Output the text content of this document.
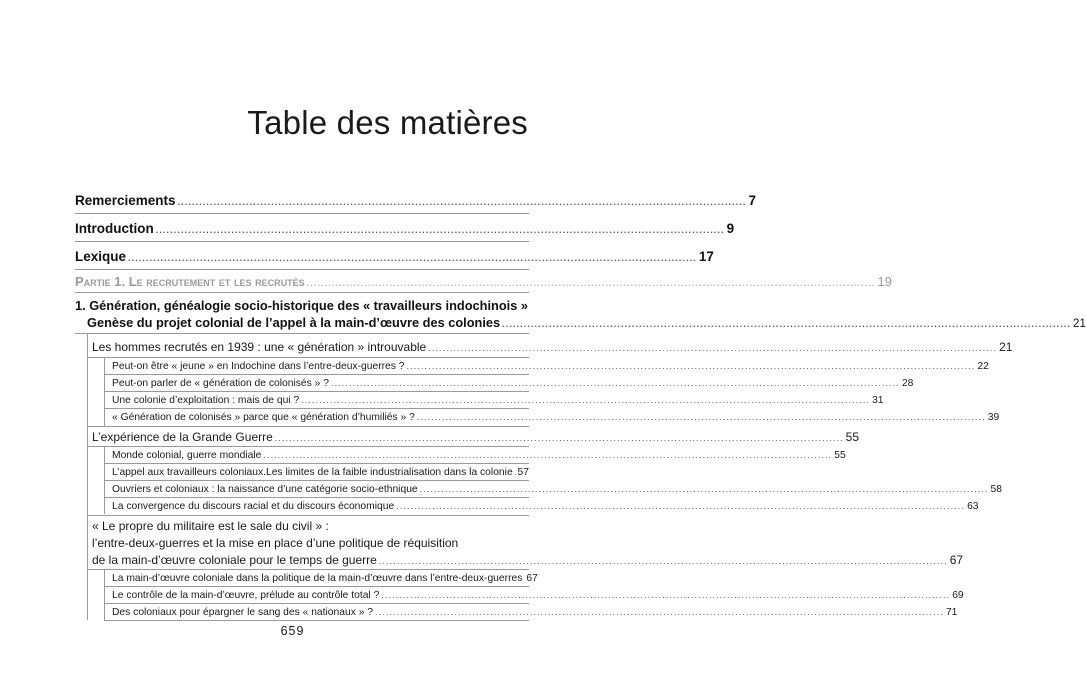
Table des matières
Remerciements .............................................................................................................................................................. 7
Introduction .............................................................................................................................................................. 9
Lexique .............................................................................................................................................................. 17
Partie 1. Le recrutement et les recrutés .............................................................................................................................................................. 19
1. Génération, généalogie socio-historique des « travailleurs indochinois »
Genèse du projet colonial de l’appel à la main-d’œuvre des colonies .............................................................................................................................................................. 21
Les hommes recrutés en 1939 : une « génération » introuvable .............................................................................................................................................................. 21
Peut-on être « jeune » en Indochine dans l’entre-deux-guerres ? .............................................................................................................................................................. 22
Peut-on parler de « génération de colonisés » ? .............................................................................................................................................................. 28
Une colonie d’exploitation : mais de qui ? .............................................................................................................................................................. 31
« Génération de colonisés » parce que « génération d’humiliés » ? .............................................................................................................................................................. 39
L’expérience de la Grande Guerre .............................................................................................................................................................. 55
Monde colonial, guerre mondiale .............................................................................................................................................................. 55
L’appel aux travailleurs coloniaux.Les limites de la faible industrialisation dans la colonie 57
Ouvriers et coloniaux : la naissance d’une catégorie socio-ethnique .............................................................................................................................................................. 58
La convergence du discours racial et du discours économique .............................................................................................................................................................. 63
« Le propre du militaire est le sale du civil » :
l’entre-deux-guerres et la mise en place d’une politique de réquisition
de la main-d’œuvre coloniale pour le temps de guerre .............................................................................................................................................................. 67
La main-d’œuvre coloniale dans la politique de la main-d’œuvre dans l’entre-deux-guerres 67
Le contrôle de la main-d’œuvre, prélude au contrôle total ? .............................................................................................................................................................. 69
Des coloniaux pour épargner le sang des « nationaux » ? .............................................................................................................................................................. 71
659
